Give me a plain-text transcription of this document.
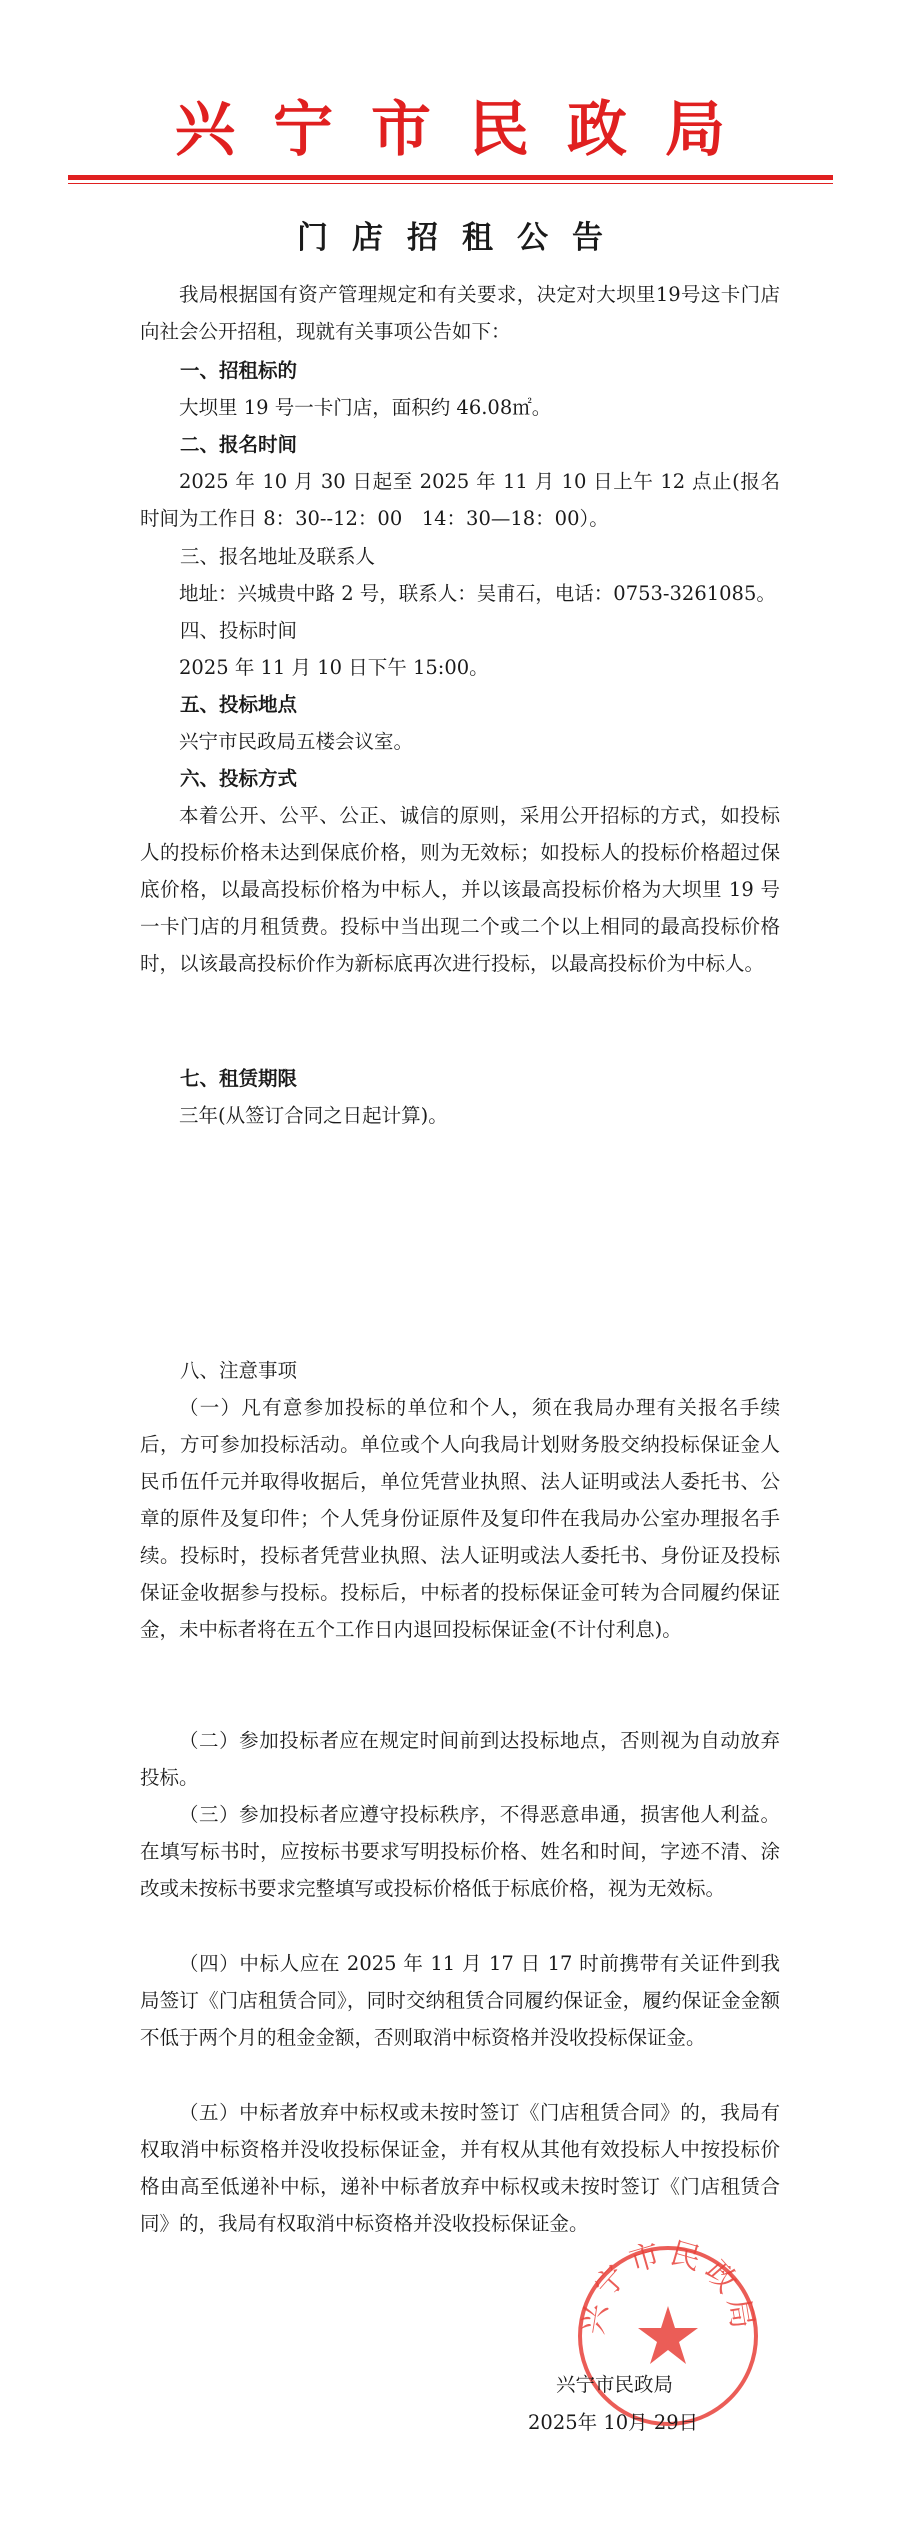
兴宁市民政局
门店招租公告
我局根据国有资产管理规定和有关要求，决定对大坝里19号这卡门店向社会公开招租，现就有关事项公告如下：
一、招租标的
大坝里 19 号一卡门店，面积约 46.08㎡。
二、报名时间
2025 年 10 月 30 日起至 2025 年 11 月 10 日上午 12 点止(报名时间为工作日 8：30--12：00　14：30—18：00）。
三、报名地址及联系人
地址：兴城贵中路 2 号，联系人：吴甫石，电话：0753-3261085。
四、投标时间
2025 年 11 月 10 日下午 15:00。
五、投标地点
兴宁市民政局五楼会议室。
六、投标方式
本着公开、公平、公正、诚信的原则，采用公开招标的方式，如投标人的投标价格未达到保底价格，则为无效标；如投标人的投标价格超过保底价格，以最高投标价格为中标人，并以该最高投标价格为大坝里 19 号一卡门店的月租赁费。投标中当出现二个或二个以上相同的最高投标价格时，以该最高投标价作为新标底再次进行投标，以最高投标价为中标人。
七、租赁期限
三年(从签订合同之日起计算)。
八、注意事项
（一）凡有意参加投标的单位和个人，须在我局办理有关报名手续后，方可参加投标活动。单位或个人向我局计划财务股交纳投标保证金人民币伍仟元并取得收据后，单位凭营业执照、法人证明或法人委托书、公章的原件及复印件；个人凭身份证原件及复印件在我局办公室办理报名手续。投标时，投标者凭营业执照、法人证明或法人委托书、身份证及投标保证金收据参与投标。投标后，中标者的投标保证金可转为合同履约保证金，未中标者将在五个工作日内退回投标保证金(不计付利息)。
（二）参加投标者应在规定时间前到达投标地点，否则视为自动放弃投标。
（三）参加投标者应遵守投标秩序，不得恶意串通，损害他人利益。在填写标书时，应按标书要求写明投标价格、姓名和时间，字迹不清、涂改或未按标书要求完整填写或投标价格低于标底价格，视为无效标。
（四）中标人应在 2025 年 11 月 17 日 17 时前携带有关证件到我局签订《门店租赁合同》，同时交纳租赁合同履约保证金，履约保证金金额不低于两个月的租金金额，否则取消中标资格并没收投标保证金。
（五）中标者放弃中标权或未按时签订《门店租赁合同》的，我局有权取消中标资格并没收投标保证金，并有权从其他有效投标人中按投标价格由高至低递补中标，递补中标者放弃中标权或未按时签订《门店租赁合同》的，我局有权取消中标资格并没收投标保证金。
兴宁市民政局
兴宁市民政局
2025年 10月 29日
